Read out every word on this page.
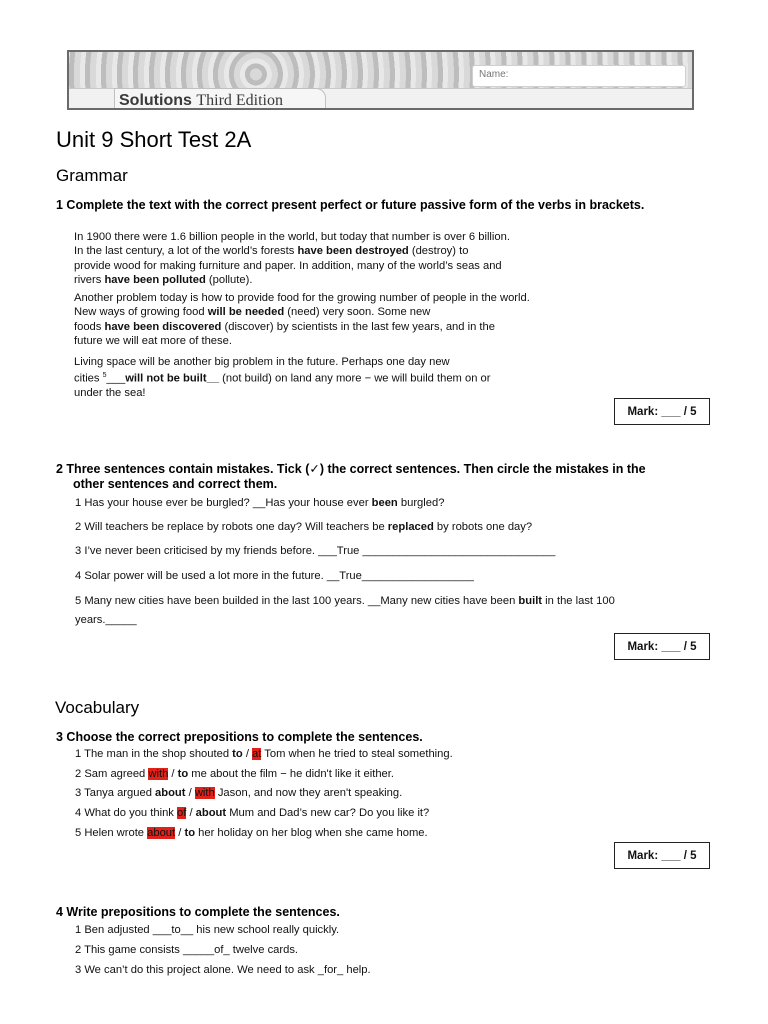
Solutions Third Edition
Name:
Unit 9 Short Test 2A
Grammar
1 Complete the text with the correct present perfect or future passive form of the verbs in brackets.
In 1900 there were 1.6 billion people in the world, but today that number is over 6 billion.
In the last century, a lot of the world’s forests have been destroyed (destroy) to
provide wood for making furniture and paper. In addition, many of the world’s seas and
rivers have been polluted (pollute).
Another problem today is how to provide food for the growing number of people in the world.
New ways of growing food will be needed (need) very soon. Some new
foods have been discovered (discover) by scientists in the last few years, and in the
future we will eat more of these.
Living space will be another big problem in the future. Perhaps one day new
cities $^5$___will not be built__ (not build) on land any more − we will build them on or
under the sea!
Mark: ___ / 5
2 Three sentences contain mistakes. Tick (✓) the correct sentences. Then circle the mistakes in the
other sentences and correct them.
1 Has your house ever be burgled? __Has your house ever been burgled?
2 Will teachers be replace by robots one day? Will teachers be replaced by robots one day?
3 I’ve never been criticised by my friends before. ___True _______________________________
4 Solar power will be used a lot more in the future. __True__________________
5 Many new cities have been builded in the last 100 years. __Many new cities have been built in the last 100
years._____
Mark: ___ / 5
Vocabulary
3 Choose the correct prepositions to complete the sentences.
1 The man in the shop shouted to / at Tom when he tried to steal something.
2 Sam agreed with / to me about the film − he didn't like it either.
3 Tanya argued about / with Jason, and now they aren't speaking.
4 What do you think of / about Mum and Dad’s new car? Do you like it?
5 Helen wrote about / to her holiday on her blog when she came home.
Mark: ___ / 5
4 Write prepositions to complete the sentences.
1 Ben adjusted ___to__ his new school really quickly.
2 This game consists _____of_ twelve cards.
3 We can’t do this project alone. We need to ask _for_ help.
